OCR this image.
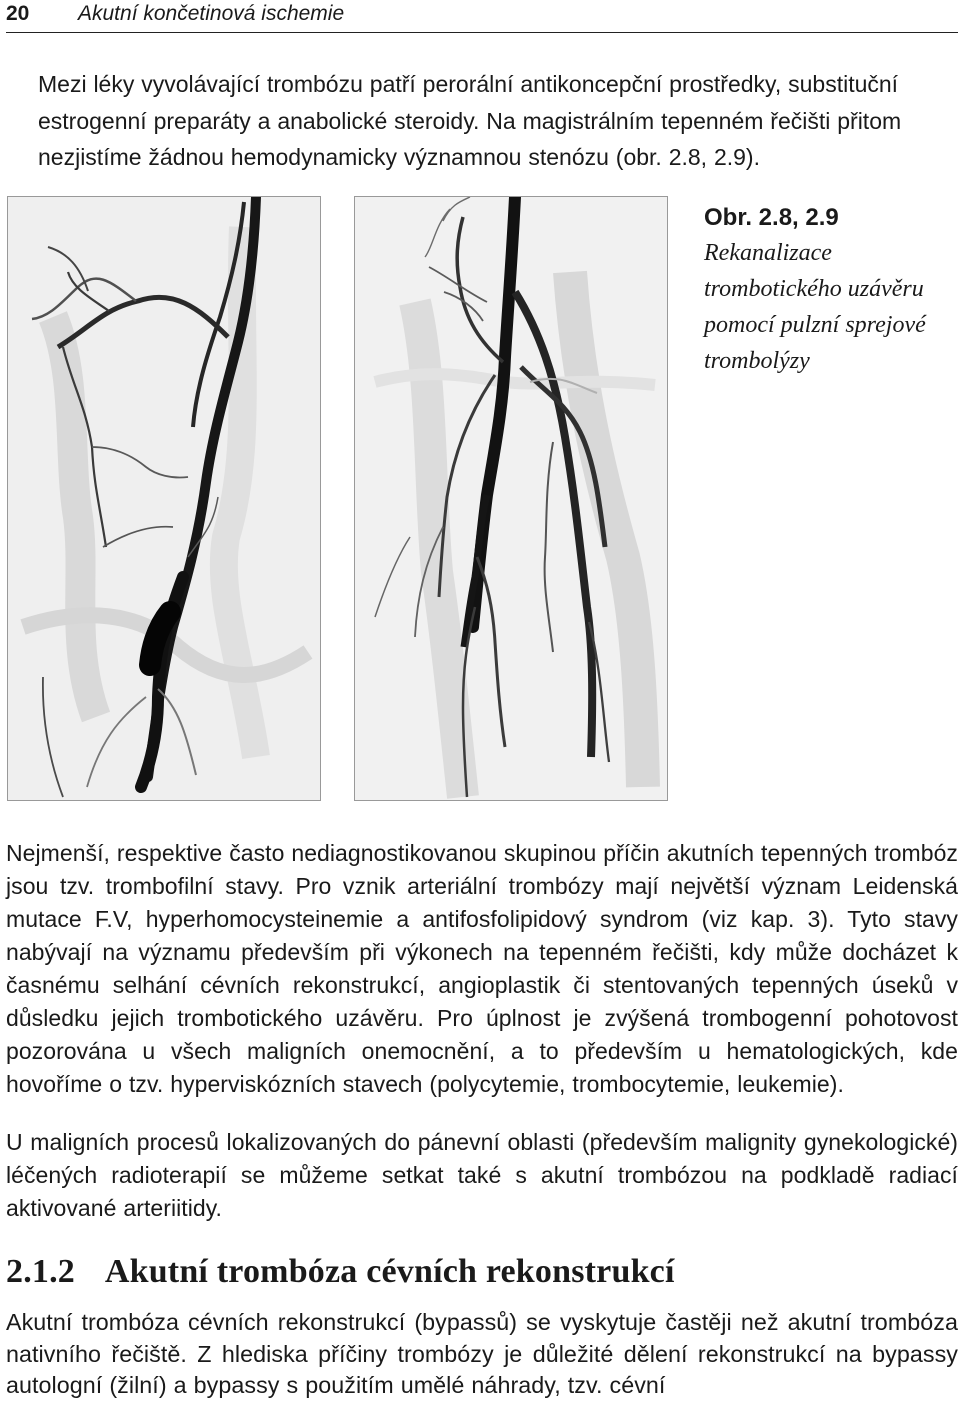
20 Akutní končetinová ischemie

Mezi léky vyvolávající trombózu patří perorální antikoncepční prostředky, substituční estrogenní preparáty a anabolické steroidy. Na magistrálním tepenném řečišti přitom nezjistíme žádnou hemodynamicky významnou stenózu (obr. 2.8, 2.9).

Obr. 2.8, 2.9 Rekanalizace trombotického uzávěru pomocí pulzní sprejové trombolýzy

Nejmenší, respektive často nediagnostikovanou skupinou příčin akutních tepenných trombóz jsou tzv. trombofilní stavy. Pro vznik arteriální trombózy mají největší význam Leidenská mutace F.V, hyperhomocysteinemie a antifosfolipidový syndrom (viz kap. 3). Tyto stavy nabývají na významu především při výkonech na tepenném řečišti, kdy může docházet k časnému selhání cévních rekonstrukcí, angioplastik či stentovaných tepenných úseků v důsledku jejich trombotického uzávěru. Pro úplnost je zvýšená trombogenní pohotovost pozorována u všech maligních onemocnění, a to především u hematologických, kde hovoříme o tzv. hyperviskózních stavech (polycytemie, trombocytemie, leukemie).

U maligních procesů lokalizovaných do pánevní oblasti (především malignity gynekologické) léčených radioterapií se můžeme setkat také s akutní trombózou na podkladě radiací aktivované arteriitidy.

2.1.2 Akutní trombóza cévních rekonstrukcí

Akutní trombóza cévních rekonstrukcí (bypassů) se vyskytuje častěji než akutní trombóza nativního řečiště. Z hlediska příčiny trombózy je důležité dělení rekonstrukcí na bypassy autologní (žilní) a bypassy s použitím umělé náhrady, tzv. cévní
